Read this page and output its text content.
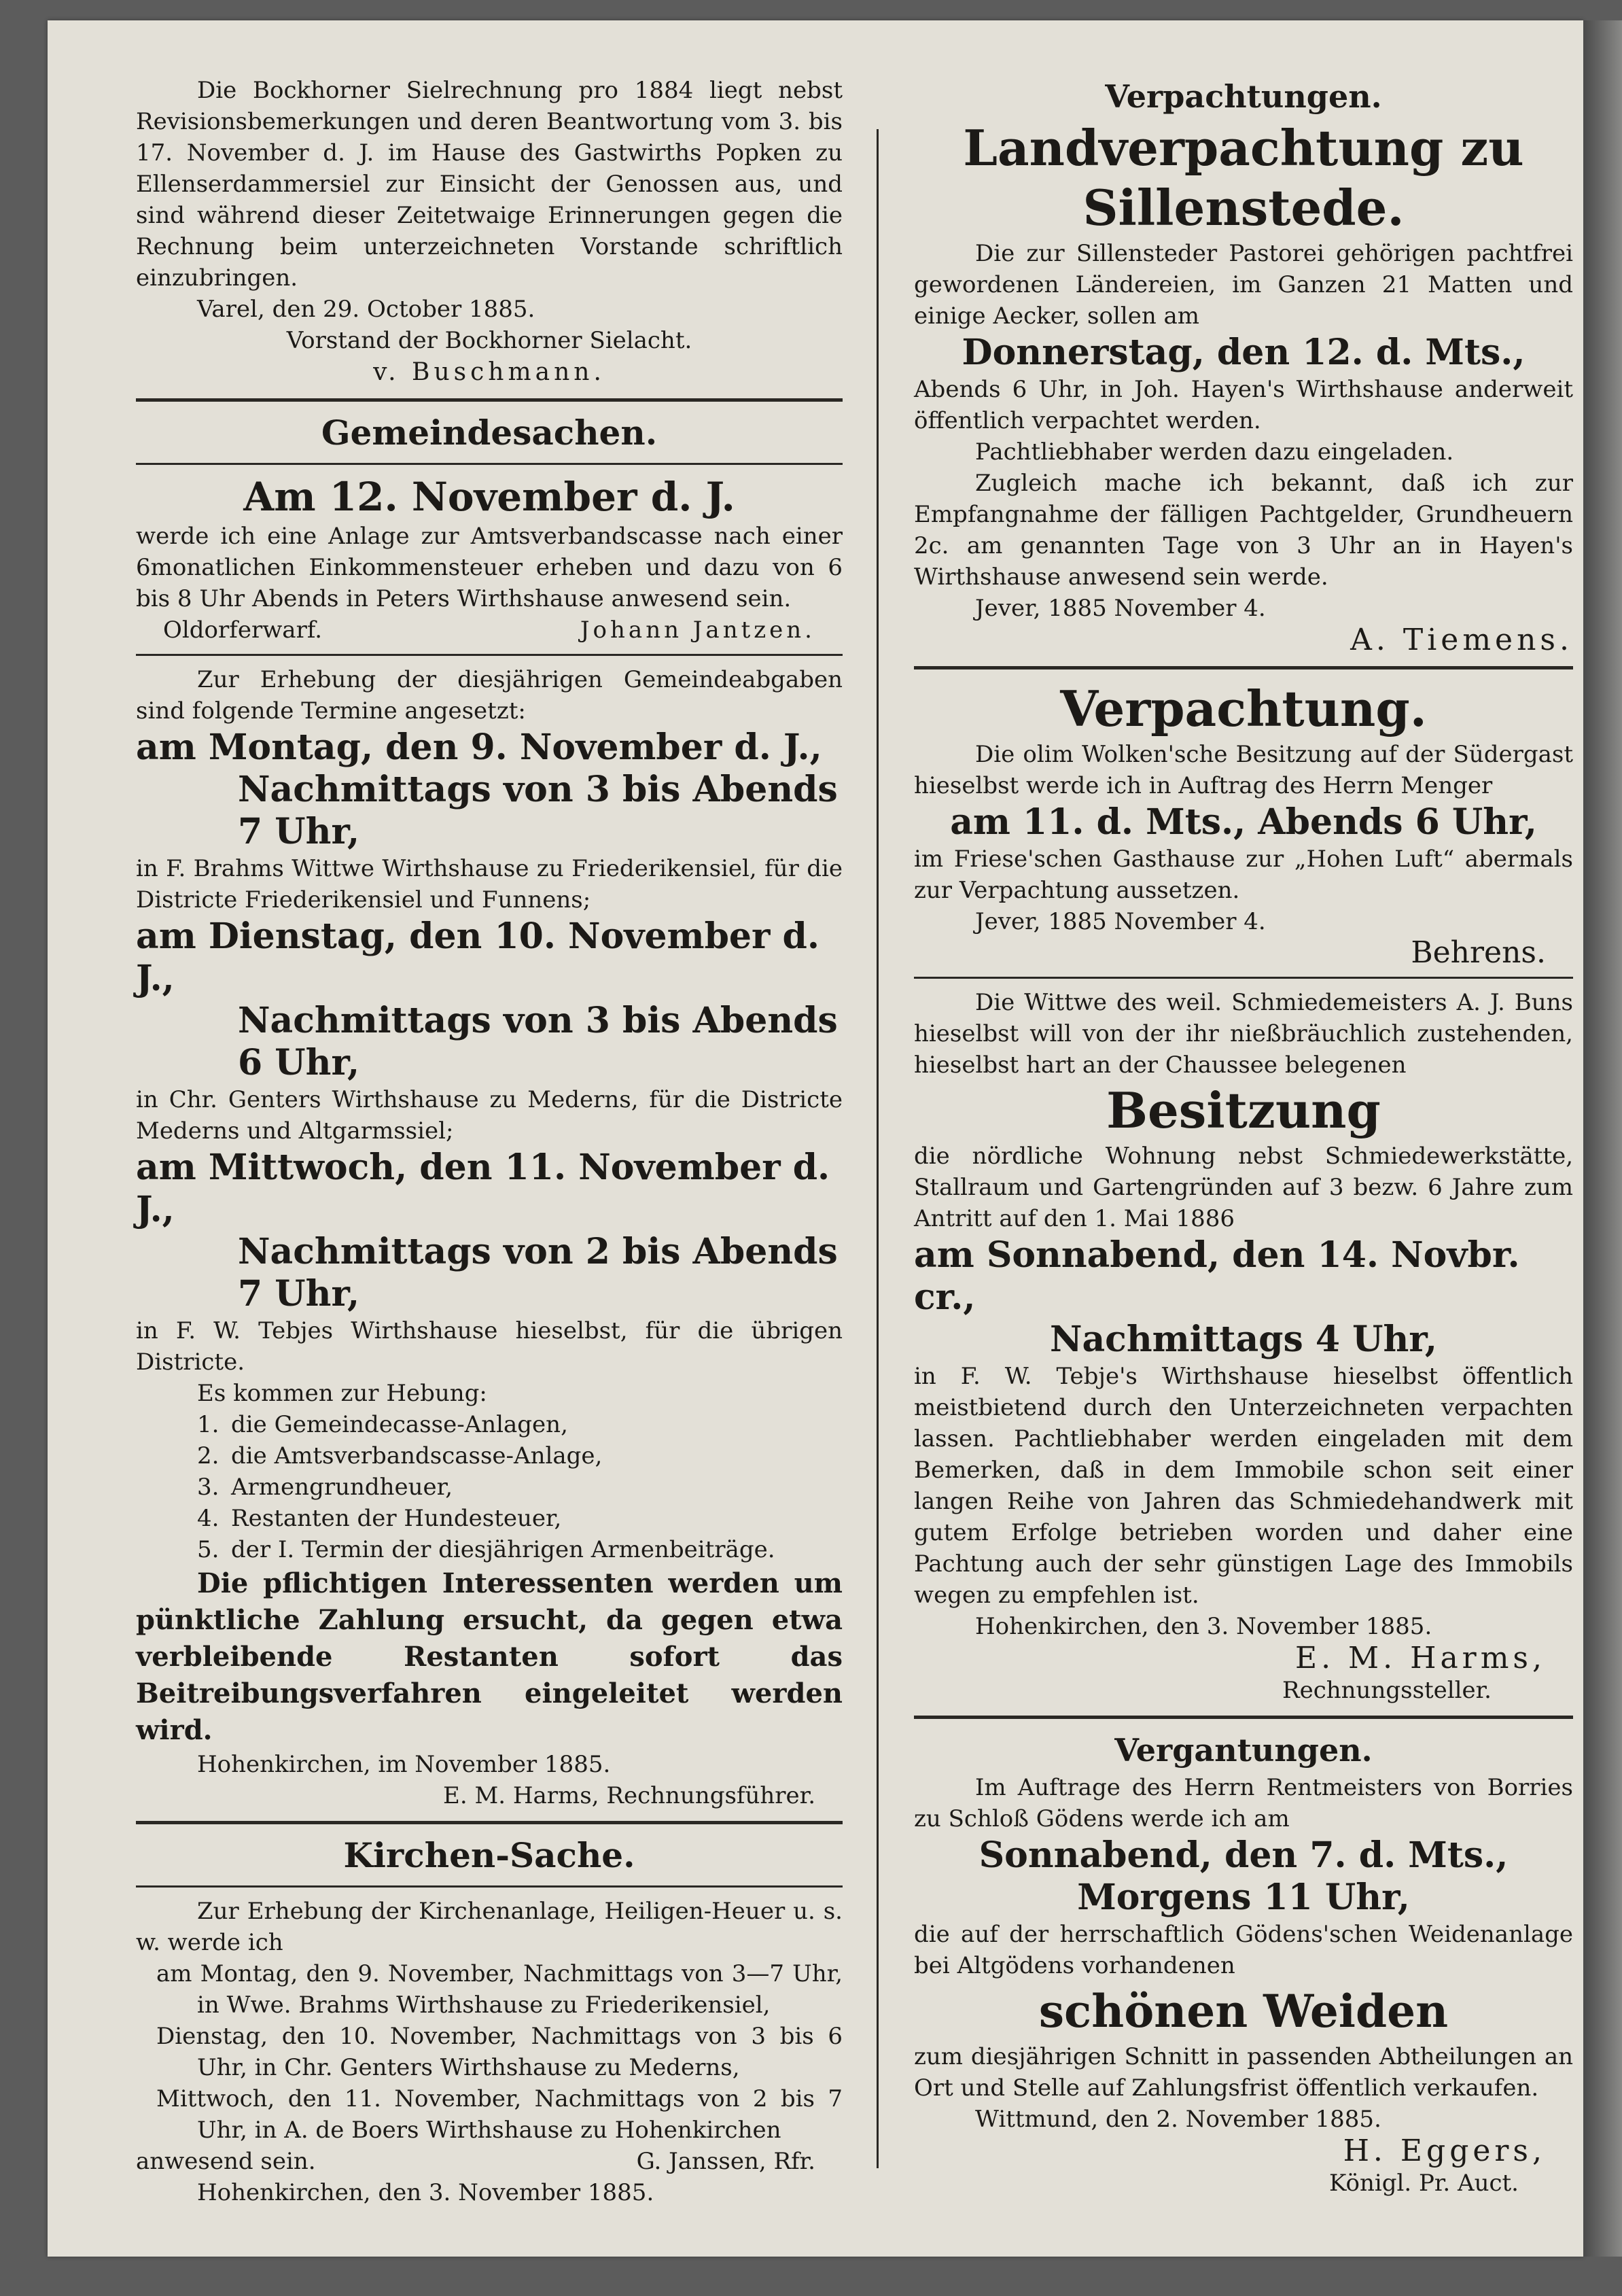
Die Bockhorner Sielrechnung pro 1884 liegt nebst Revisionsbemerkungen und deren Beantwortung vom 3. bis 17. November d. J. im Hause des Gastwirths Popken zu Ellenserdammersiel zur Einsicht der Genossen aus, und sind während dieser Zeitetwaige Erinnerungen gegen die Rechnung beim unterzeichneten Vorstande schriftlich einzubringen.

Varel, den 29. October 1885.

Vorstand der Bockhorner Sielacht.

v. Buschmann.

Gemeindesachen.

Am 12. November d. J.

werde ich eine Anlage zur Amtsverbandscasse nach einer 6monatlichen Einkommensteuer erheben und dazu von 6 bis 8 Uhr Abends in Peters Wirthshause anwesend sein.

Oldorferwarf.	Johann Jantzen.

Zur Erhebung der diesjährigen Gemeindeabgaben sind folgende Termine angesetzt:

am Montag, den 9. November d. J.,

Nachmittags von 3 bis Abends

7 Uhr,

in F. Brahms Wittwe Wirthshause zu Friederikensiel, für die Districte Friederikensiel und Funnens;

am Dienstag, den 10. November d. J.,

Nachmittags von 3 bis Abends

6 Uhr,

in Chr. Genters Wirthshause zu Mederns, für die Districte Mederns und Altgarmssiel;

am Mittwoch, den 11. November d. J.,

Nachmittags von 2 bis Abends

7 Uhr,

in F. W. Tebjes Wirthshause hieselbst, für die übrigen Districte.

Es kommen zur Hebung:

1. die Gemeindecasse-Anlagen,
2. die Amtsverbandscasse-Anlage,
3. Armengrundheuer,
4. Restanten der Hundesteuer,
5. der I. Termin der diesjährigen Armenbeiträge.

Die pflichtigen Interessenten werden um pünktliche Zahlung ersucht, da gegen etwa verbleibende Restanten sofort das Beitreibungsverfahren eingeleitet werden wird.

Hohenkirchen, im November 1885.

E. M. Harms, Rechnungsführer.

Kirchen-Sache.

Zur Erhebung der Kirchenanlage, Heiligen-Heuer u. s. w. werde ich

am Montag, den 9. November, Nachmittags von 3—7 Uhr, in Wwe. Brahms Wirthshause zu Friederikensiel,

Dienstag, den 10. November, Nachmittags von 3 bis 6 Uhr, in Chr. Genters Wirthshause zu Mederns,

Mittwoch, den 11. November, Nachmittags von 2 bis 7 Uhr, in A. de Boers Wirthshause zu Hohenkirchen

anwesend sein.	G. Janssen, Rfr.

Hohenkirchen, den 3. November 1885.

Verpachtungen.

Landverpachtung zu Sillenstede.

Die zur Sillensteder Pastorei gehörigen pachtfrei gewordenen Ländereien, im Ganzen 21 Matten und einige Aecker, sollen am

Donnerstag, den 12. d. Mts.,

Abends 6 Uhr, in Joh. Hayen's Wirthshause anderweit öffentlich verpachtet werden.

Pachtliebhaber werden dazu eingeladen.

Zugleich mache ich bekannt, daß ich zur Empfangnahme der fälligen Pachtgelder, Grundheuern 2c. am genannten Tage von 3 Uhr an in Hayen's Wirthshause anwesend sein werde.

Jever, 1885 November 4.

A. Tiemens.

Verpachtung.

Die olim Wolken'sche Besitzung auf der Südergast hieselbst werde ich in Auftrag des Herrn Menger

am 11. d. Mts., Abends 6 Uhr,

im Friese'schen Gasthause zur „Hohen Luft“ abermals zur Verpachtung aussetzen.

Jever, 1885 November 4.

Behrens.

Die Wittwe des weil. Schmiedemeisters A. J. Buns hieselbst will von der ihr nießbräuchlich zustehenden, hieselbst hart an der Chaussee belegenen

Besitzung

die nördliche Wohnung nebst Schmiedewerkstätte, Stallraum und Gartengründen auf 3 bezw. 6 Jahre zum Antritt auf den 1. Mai 1886

am Sonnabend, den 14. Novbr. cr.,

Nachmittags 4 Uhr,

in F. W. Tebje's Wirthshause hieselbst öffentlich meistbietend durch den Unterzeichneten verpachten lassen. Pachtliebhaber werden eingeladen mit dem Bemerken, daß in dem Immobile schon seit einer langen Reihe von Jahren das Schmiedehandwerk mit gutem Erfolge betrieben worden und daher eine Pachtung auch der sehr günstigen Lage des Immobils wegen zu empfehlen ist.

Hohenkirchen, den 3. November 1885.

E. M. Harms,

Rechnungssteller.

Vergantungen.

Im Auftrage des Herrn Rentmeisters von Borries zu Schloß Gödens werde ich am

Sonnabend, den 7. d. Mts.,

Morgens 11 Uhr,

die auf der herrschaftlich Gödens'schen Weidenanlage bei Altgödens vorhandenen

schönen Weiden

zum diesjährigen Schnitt in passenden Abtheilungen an Ort und Stelle auf Zahlungsfrist öffentlich verkaufen.

Wittmund, den 2. November 1885.

H. Eggers,

Königl. Pr. Auct.
